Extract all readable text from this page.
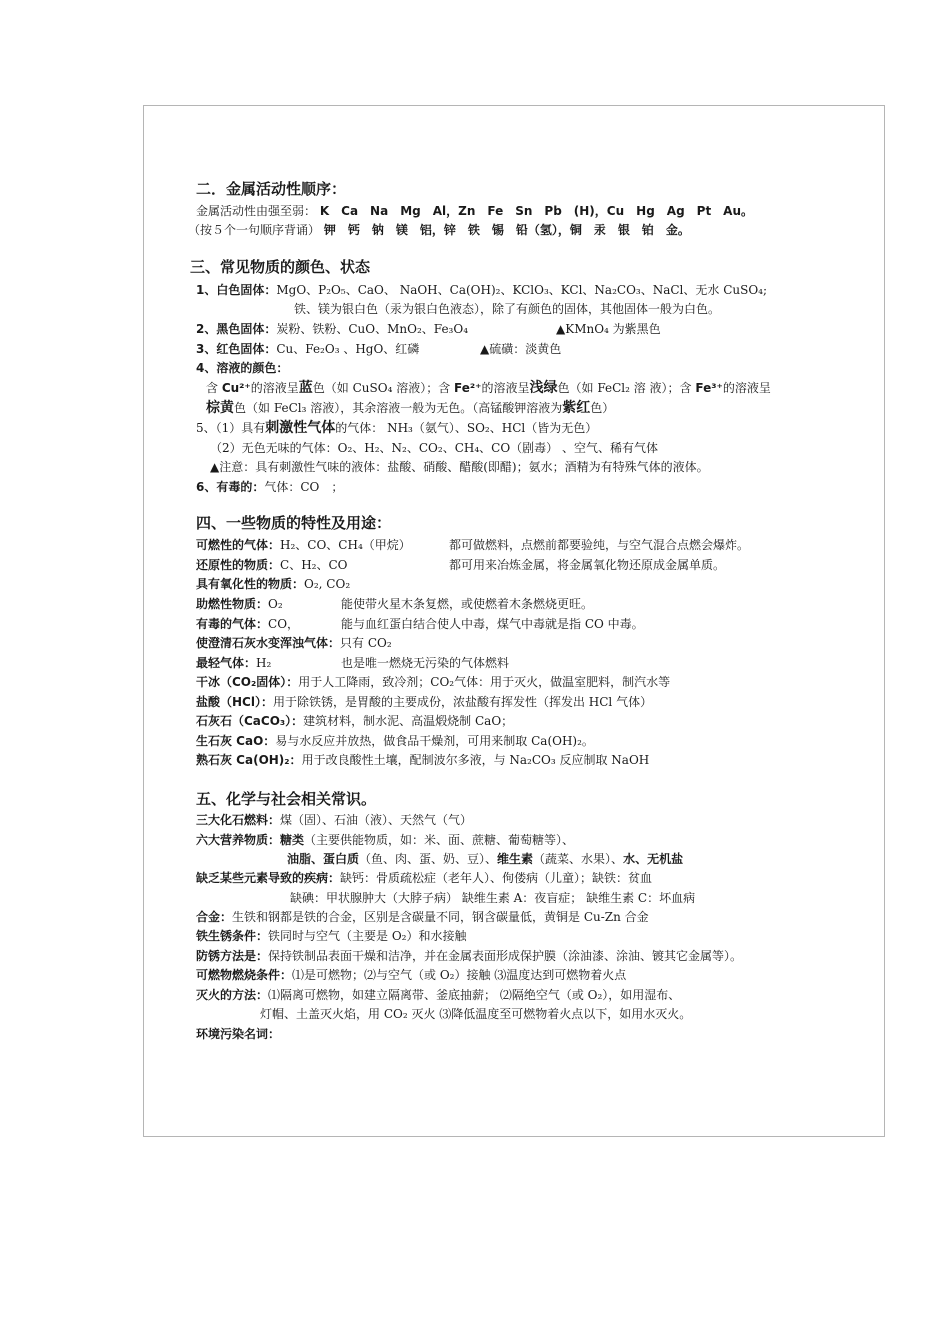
二．金属活动性顺序：
金属活动性由强至弱： K　Ca　Na　Mg　Al，Zn　Fe　Sn　Pb　(H)，Cu　Hg　Ag　Pt　Au。
（按５个一句顺序背诵） 钾　钙　钠　镁　铝，锌　铁　锡　铅（氢），铜　汞　银　铂　金。
三、常见物质的颜色、状态
1、白色固体：MgO、P₂O₅、CaO、 NaOH、Ca(OH)₂、KClO₃、KCl、Na₂CO₃、NaCl、无水 CuSO₄;
铁、镁为银白色（汞为银白色液态），除了有颜色的固体，其他固体一般为白色。
2、黑色固体：炭粉、铁粉、CuO、MnO₂、Fe₃O₄	▲KMnO₄ 为紫黑色
3、红色固体：Cu、Fe₂O₃ 、HgO、红磷	▲硫磺：淡黄色
4、溶液的颜色：
含 Cu²⁺的溶液呈蓝色（如 CuSO₄ 溶液）；含 Fe²⁺的溶液呈浅绿色（如 FeCl₂ 溶 液）；含 Fe³⁺的溶液呈
棕黄色（如 FeCl₃ 溶液），其余溶液一般为无色。（高锰酸钾溶液为紫红色）
5、（1）具有刺激性气体的气体： NH₃（氨气）、SO₂、HCl（皆为无色）
（2）无色无味的气体：O₂、H₂、N₂、CO₂、CH₄、CO（剧毒） 、空气、稀有气体
▲注意：具有刺激性气味的液体：盐酸、硝酸、醋酸(即醋)；氨水；酒精为有特殊气体的液体。
6、有毒的：气体：CO　；
四、一些物质的特性及用途：
可燃性的气体：H₂、CO、CH₄（甲烷）	都可做燃料，点燃前都要验纯，与空气混合点燃会爆炸。
还原性的物质：C、H₂、CO	都可用来冶炼金属，将金属氧化物还原成金属单质。
具有氧化性的物质：O₂, CO₂
助燃性物质：O₂	能使带火星木条复燃，或使燃着木条燃烧更旺。
有毒的气体：CO，	能与血红蛋白结合使人中毒，煤气中毒就是指 CO 中毒。
使澄清石灰水变浑浊气体：只有 CO₂
最轻气体：H₂	也是唯一燃烧无污染的气体燃料
干冰（CO₂固体）：用于人工降雨，致冷剂；CO₂气体：用于灭火，做温室肥料，制汽水等
盐酸（HCl）：用于除铁锈，是胃酸的主要成份，浓盐酸有挥发性（挥发出 HCl 气体）
石灰石（CaCO₃）：建筑材料，制水泥、高温煅烧制 CaO；
生石灰 CaO：易与水反应并放热，做食品干燥剂，可用来制取 Ca(OH)₂。
熟石灰 Ca(OH)₂：用于改良酸性土壤，配制波尔多液，与 Na₂CO₃ 反应制取 NaOH
五、化学与社会相关常识。
三大化石燃料：煤（固）、石油（液）、天然气（气）
六大营养物质：糖类（主要供能物质，如：米、面、蔗糖、葡萄糖等）、
油脂、蛋白质（鱼、肉、蛋、奶、豆）、维生素（蔬菜、水果）、水、无机盐
缺乏某些元素导致的疾病：缺钙：骨质疏松症（老年人）、佝偻病（儿童）；缺铁：贫血
缺碘：甲状腺肿大（大脖子病） 缺维生素 A：夜盲症； 缺维生素 C：坏血病
合金：生铁和钢都是铁的合金，区别是含碳量不同，钢含碳量低，黄铜是 Cu-Zn 合金
铁生锈条件：铁同时与空气（主要是 O₂）和水接触
防锈方法是：保持铁制品表面干燥和洁净，并在金属表面形成保护膜（涂油漆、涂油、镀其它金属等）。
可燃物燃烧条件：⑴是可燃物；⑵与空气（或 O₂）接触 ⑶温度达到可燃物着火点
灭火的方法：⑴隔离可燃物，如建立隔离带、釜底抽薪； ⑵隔绝空气（或 O₂），如用湿布、
灯帽、土盖灭火焰，用 CO₂ 灭火 ⑶降低温度至可燃物着火点以下，如用水灭火。
环境污染名词：
